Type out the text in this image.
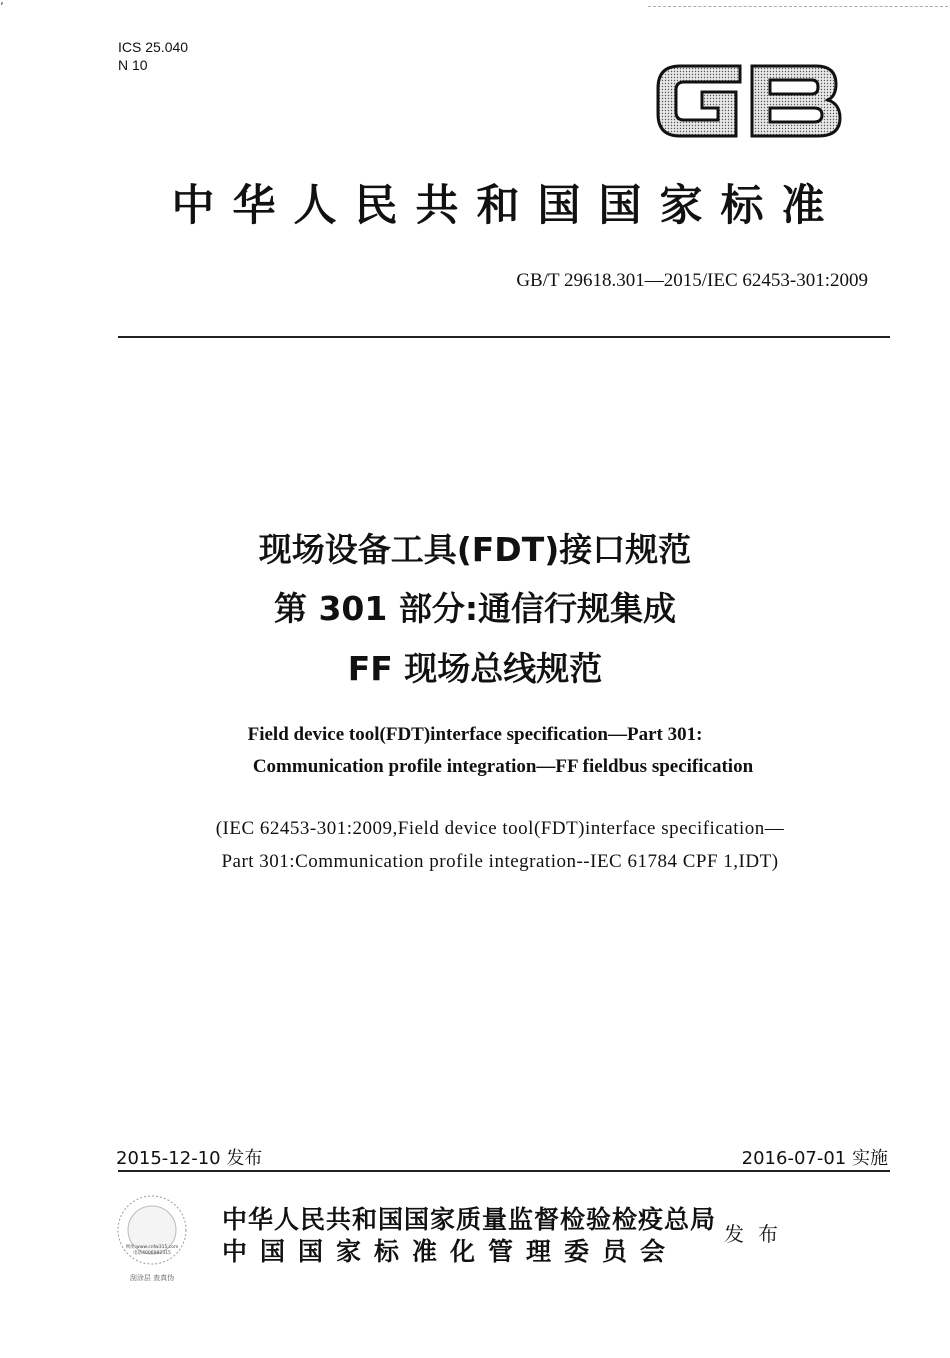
ʼ
ICS 25.040
N 10
GB
中华人民共和国国家标准
GB/T 29618.301—2015/IEC 62453-301:2009
现场设备工具(FDT)接口规范
第 301 部分:通信行规集成
FF 现场总线规范
Field device tool(FDT)interface specification—Part 301:
Communication profile integration—FF fieldbus specification
(IEC 62453-301:2009,Field device tool(FDT)interface specification—
Part 301:Communication profile integration--IEC 61784 CPF 1,IDT)
2015-12-10 发布	2016-07-01 实施
网址:www.cnfw315.com
电话4006982315
刮涂层 查真伪
中华人民共和国国家质量监督检验检疫总局
中国国家标准化管理委员会
发布
